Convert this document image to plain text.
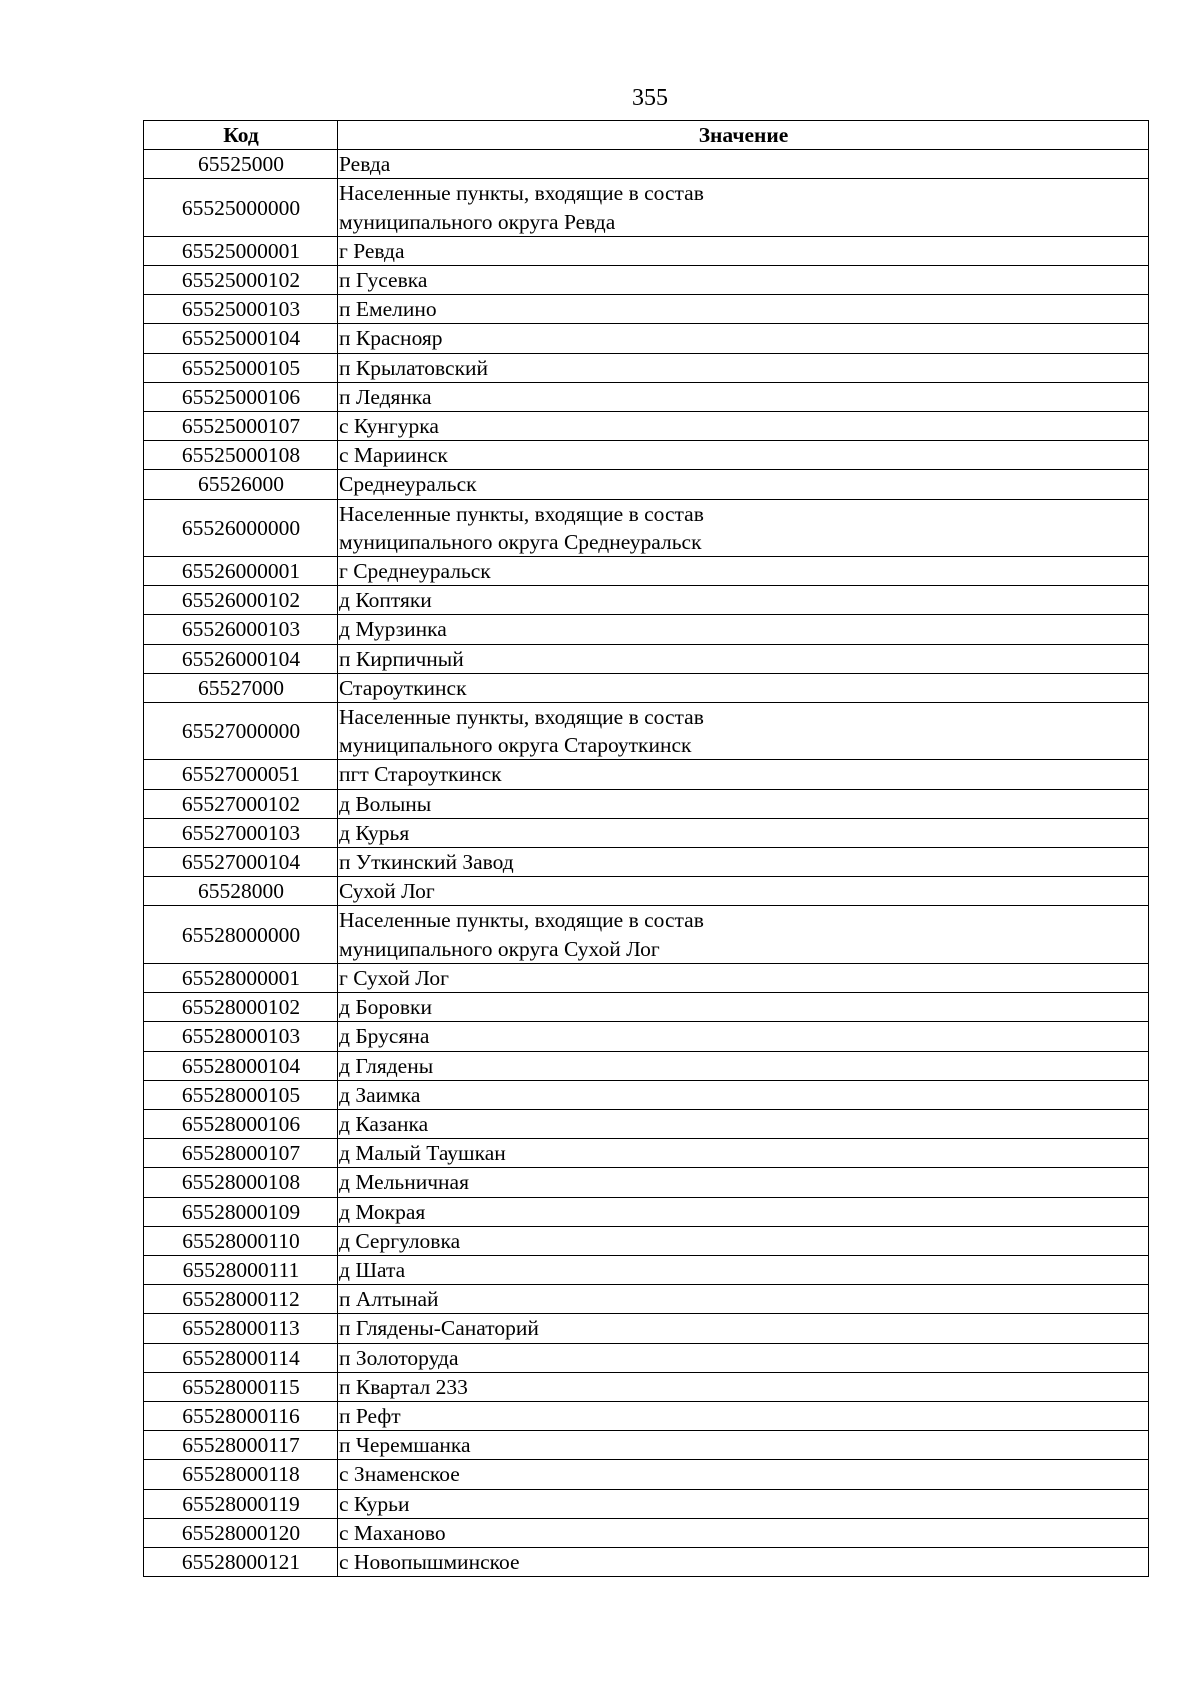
355
Код	Значение
65525000	Ревда
65525000000	Населенные пункты, входящие в состав
муниципального округа Ревда
65525000001	г Ревда
65525000102	п Гусевка
65525000103	п Емелино
65525000104	п Краснояр
65525000105	п Крылатовский
65525000106	п Ледянка
65525000107	с Кунгурка
65525000108	с Мариинск
65526000	Среднеуральск
65526000000	Населенные пункты, входящие в состав
муниципального округа Среднеуральск
65526000001	г Среднеуральск
65526000102	д Коптяки
65526000103	д Мурзинка
65526000104	п Кирпичный
65527000	Староуткинск
65527000000	Населенные пункты, входящие в состав
муниципального округа Староуткинск
65527000051	пгт Староуткинск
65527000102	д Волыны
65527000103	д Курья
65527000104	п Уткинский Завод
65528000	Сухой Лог
65528000000	Населенные пункты, входящие в состав
муниципального округа Сухой Лог
65528000001	г Сухой Лог
65528000102	д Боровки
65528000103	д Брусяна
65528000104	д Глядены
65528000105	д Заимка
65528000106	д Казанка
65528000107	д Малый Таушкан
65528000108	д Мельничная
65528000109	д Мокрая
65528000110	д Сергуловка
65528000111	д Шата
65528000112	п Алтынай
65528000113	п Глядены-Санаторий
65528000114	п Золоторуда
65528000115	п Квартал 233
65528000116	п Рефт
65528000117	п Черемшанка
65528000118	с Знаменское
65528000119	с Курьи
65528000120	с Маханово
65528000121	с Новопышминское
